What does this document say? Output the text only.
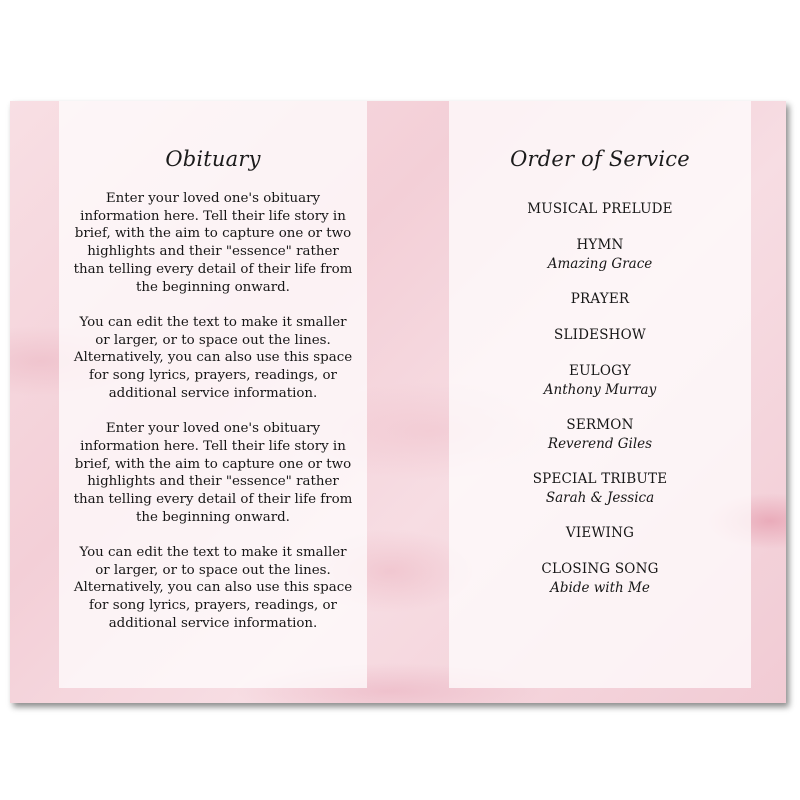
Obituary

Enter your loved one's obituary information here. Tell their life story in brief, with the aim to capture one or two highlights and their "essence" rather than telling every detail of their life from the beginning onward.

You can edit the text to make it smaller or larger, or to space out the lines. Alternatively, you can also use this space for song lyrics, prayers, readings, or additional service information.

Enter your loved one's obituary information here. Tell their life story in brief, with the aim to capture one or two highlights and their "essence" rather than telling every detail of their life from the beginning onward.

You can edit the text to make it smaller or larger, or to space out the lines. Alternatively, you can also use this space for song lyrics, prayers, readings, or additional service information.

Order of Service
MUSICAL PRELUDE
HYMN
Amazing Grace
PRAYER
SLIDESHOW
EULOGY
Anthony Murray
SERMON
Reverend Giles
SPECIAL TRIBUTE
Sarah & Jessica
VIEWING
CLOSING SONG
Abide with Me
